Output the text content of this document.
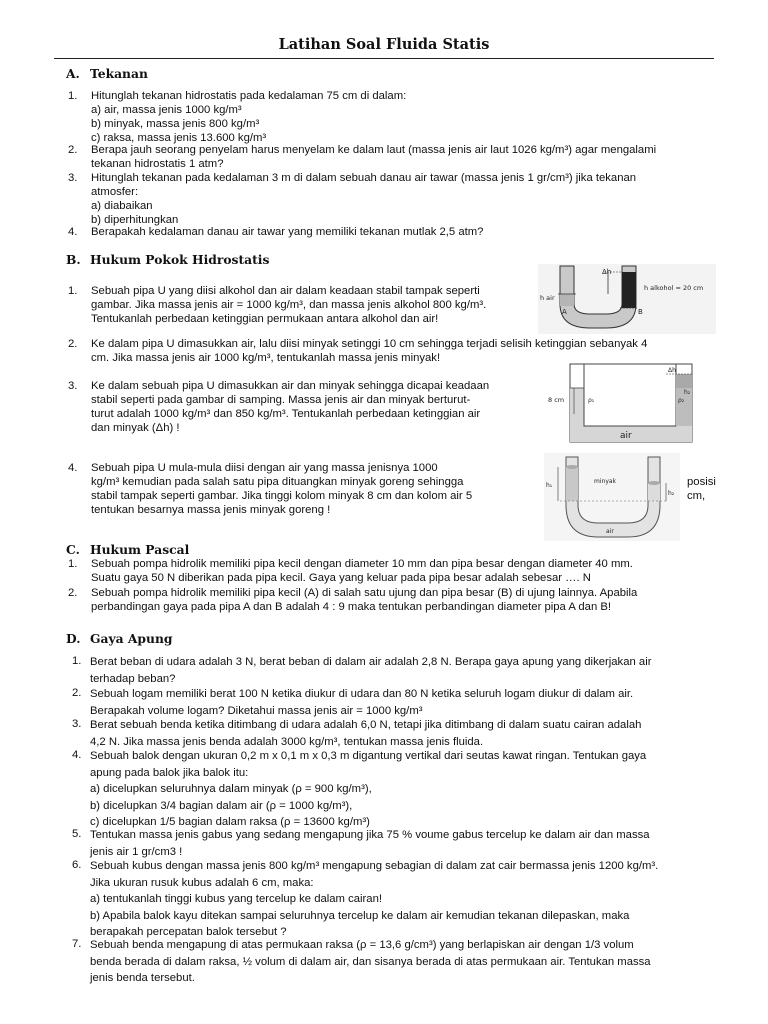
Latihan Soal Fluida Statis
A. Tekanan
1. Hitunglah tekanan hidrostatis pada kedalaman 75 cm di dalam:
a) air, massa jenis 1000 kg/m³
b) minyak, massa jenis 800 kg/m³
c) raksa, massa jenis 13.600 kg/m³
2. Berapa jauh seorang penyelam harus menyelam ke dalam laut (massa jenis air laut 1026 kg/m³) agar mengalami
tekanan hidrostatis 1 atm?
3. Hitunglah tekanan pada kedalaman 3 m di dalam sebuah danau air tawar (massa jenis 1 gr/cm³) jika tekanan
atmosfer:
a) diabaikan
b) diperhitungkan
4. Berapakah kedalaman danau air tawar yang memiliki tekanan mutlak 2,5 atm?
B. Hukum Pokok Hidrostatis
1. Sebuah pipa U yang diisi alkohol dan air dalam keadaan stabil tampak seperti
gambar. Jika massa jenis air = 1000 kg/m³, dan massa jenis alkohol 800 kg/m³.
Tentukanlah perbedaan ketinggian permukaan antara alkohol dan air!
Δh
h air
h alkohol = 20 cm
A	B
2. Ke dalam pipa U dimasukkan air, lalu diisi minyak setinggi 10 cm sehingga terjadi selisih ketinggian sebanyak 4
cm. Jika massa jenis air 1000 kg/m³, tentukanlah massa jenis minyak!
3. Ke dalam sebuah pipa U dimasukkan air dan minyak sehingga dicapai keadaan
stabil seperti pada gambar di samping. Massa jenis air dan minyak berturut-
turut adalah 1000 kg/m³ dan 850 kg/m³. Tentukanlah perbedaan ketinggian air
dan minyak (Δh) !
Δh
8 cm	ρ₁	ρ₂
h₂
air
4. Sebuah pipa U mula-mula diisi dengan air yang massa jenisnya 1000
kg/m³ kemudian pada salah satu pipa dituangkan minyak goreng sehingga
stabil tampak seperti gambar. Jika tinggi kolom minyak 8 cm dan kolom air 5
tentukan besarnya massa jenis minyak goreng !
posisi
cm,
h₁
minyak
h₂
air
C. Hukum Pascal
1. Sebuah pompa hidrolik memiliki pipa kecil dengan diameter 10 mm dan pipa besar dengan diameter 40 mm.
Suatu gaya 50 N diberikan pada pipa kecil. Gaya yang keluar pada pipa besar adalah sebesar …. N
2. Sebuah pompa hidrolik memiliki pipa kecil (A) di salah satu ujung dan pipa besar (B) di ujung lainnya. Apabila
perbandingan gaya pada pipa A dan B adalah 4 : 9 maka tentukan perbandingan diameter pipa A dan B!
D. Gaya Apung
1. Berat beban di udara adalah 3 N, berat beban di dalam air adalah 2,8 N. Berapa gaya apung yang dikerjakan air
terhadap beban?
2. Sebuah logam memiliki berat 100 N ketika diukur di udara dan 80 N ketika seluruh logam diukur di dalam air.
Berapakah volume logam? Diketahui massa jenis air = 1000 kg/m³
3. Berat sebuah benda ketika ditimbang di udara adalah 6,0 N, tetapi jika ditimbang di dalam suatu cairan adalah
4,2 N. Jika massa jenis benda adalah 3000 kg/m³, tentukan massa jenis fluida.
4. Sebuah balok dengan ukuran 0,2 m x 0,1 m x 0,3 m digantung vertikal dari seutas kawat ringan. Tentukan gaya
apung pada balok jika balok itu:
a) dicelupkan seluruhnya dalam minyak (ρ = 900 kg/m³),
b) dicelupkan 3/4 bagian dalam air (ρ = 1000 kg/m³),
c) dicelupkan 1/5 bagian dalam raksa (ρ = 13600 kg/m³)
5. Tentukan massa jenis gabus yang sedang mengapung jika 75 % voume gabus tercelup ke dalam air dan massa
jenis air 1 gr/cm3 !
6. Sebuah kubus dengan massa jenis 800 kg/m³ mengapung sebagian di dalam zat cair bermassa jenis 1200 kg/m³.
Jika ukuran rusuk kubus adalah 6 cm, maka:
a) tentukanlah tinggi kubus yang tercelup ke dalam cairan!
b) Apabila balok kayu ditekan sampai seluruhnya tercelup ke dalam air kemudian tekanan dilepaskan, maka
berapakah percepatan balok tersebut ?
7. Sebuah benda mengapung di atas permukaan raksa (ρ = 13,6 g/cm³) yang berlapiskan air dengan 1/3 volum
benda berada di dalam raksa, ½ volum di dalam air, dan sisanya berada di atas permukaan air. Tentukan massa
jenis benda tersebut.
